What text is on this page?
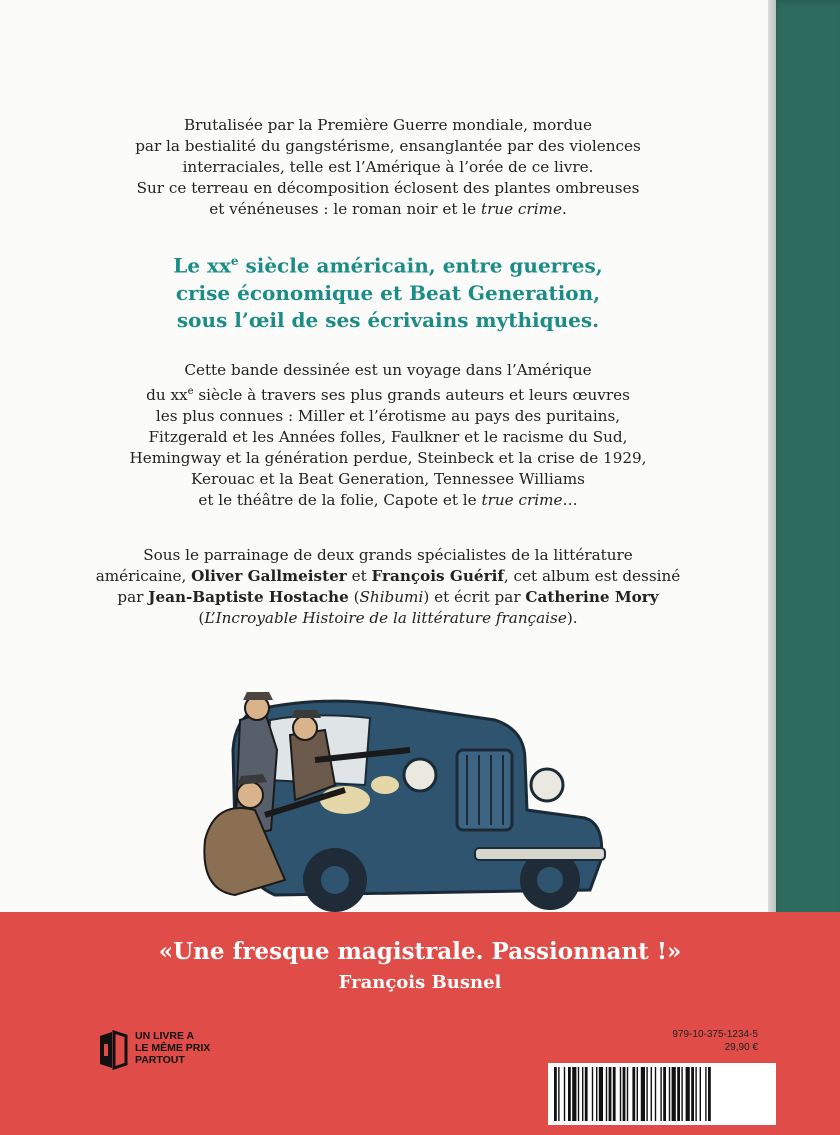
Brutalisée par la Première Guerre mondiale, mordue

par la bestialité du gangstérisme, ensanglantée par des violences

interraciales, telle est l’Amérique à l’orée de ce livre.

Sur ce terreau en décomposition éclosent des plantes ombreuses

et vénéneuses : le roman noir et le true crime.

Le $xx^e$ siècle américain, entre guerres,

crise économique et Beat Generation,

sous l’œil de ses écrivains mythiques.

Cette bande dessinée est un voyage dans l’Amérique

du $xx^e$ siècle à travers ses plus grands auteurs et leurs œuvres

les plus connues : Miller et l’érotisme au pays des puritains,

Fitzgerald et les Années folles, Faulkner et le racisme du Sud,

Hemingway et la génération perdue, Steinbeck et la crise de 1929,

Kerouac et la Beat Generation, Tennessee Williams

et le théâtre de la folie, Capote et le true crime…

Sous le parrainage de deux grands spécialistes de la littérature

américaine, Oliver Gallmeister et François Guérif, cet album est dessiné

par Jean-Baptiste Hostache (Shibumi) et écrit par Catherine Mory

(L’Incroyable Histoire de la littérature française).

«Une fresque magistrale. Passionnant !»
François Busnel
UN LIVRE A
LE MÊME PRIX
PARTOUT
979-10-375-1234-5
29,90 €
